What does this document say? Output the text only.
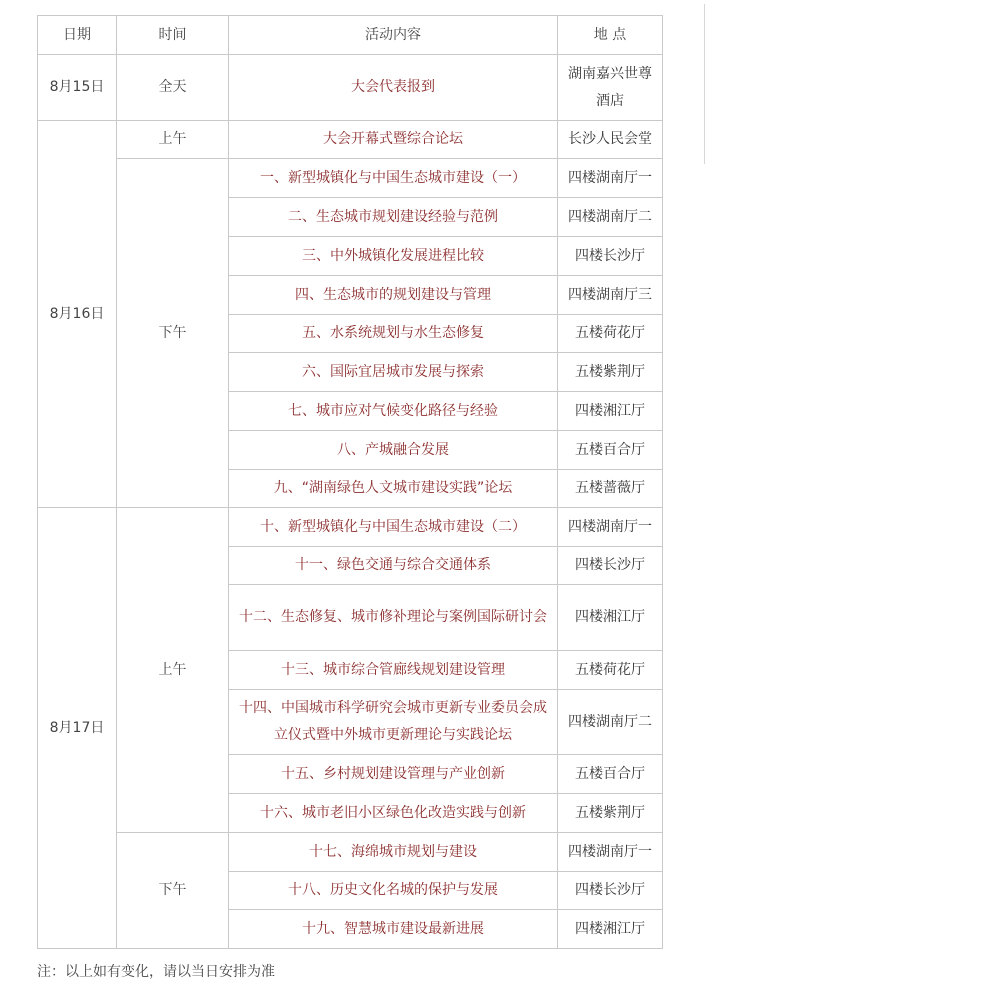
日期	时间	活动内容	地 点
8月15日	全天	大会代表报到	湖南嘉兴世尊酒店
8月16日	上午	大会开幕式暨综合论坛	长沙人民会堂
	下午	一、新型城镇化与中国生态城市建设（一）	四楼湖南厅一
		二、生态城市规划建设经验与范例	四楼湖南厅二
		三、中外城镇化发展进程比较	四楼长沙厅
		四、生态城市的规划建设与管理	四楼湖南厅三
		五、水系统规划与水生态修复	五楼荷花厅
		六、国际宜居城市发展与探索	五楼紫荆厅
		七、城市应对气候变化路径与经验	四楼湘江厅
		八、产城融合发展	五楼百合厅
		九、“湖南绿色人文城市建设实践”论坛	五楼蔷薇厅
8月17日	上午	十、新型城镇化与中国生态城市建设（二）	四楼湖南厅一
		十一、绿色交通与综合交通体系	四楼长沙厅
		十二、生态修复、城市修补理论与案例国际研讨会	四楼湘江厅
		十三、城市综合管廊线规划建设管理	五楼荷花厅
		十四、中国城市科学研究会城市更新专业委员会成立仪式暨中外城市更新理论与实践论坛	四楼湖南厅二
		十五、乡村规划建设管理与产业创新	五楼百合厅
		十六、城市老旧小区绿色化改造实践与创新	五楼紫荆厅
	下午	十七、海绵城市规划与建设	四楼湖南厅一
		十八、历史文化名城的保护与发展	四楼长沙厅
		十九、智慧城市建设最新进展	四楼湘江厅
注：以上如有变化，请以当日安排为准
